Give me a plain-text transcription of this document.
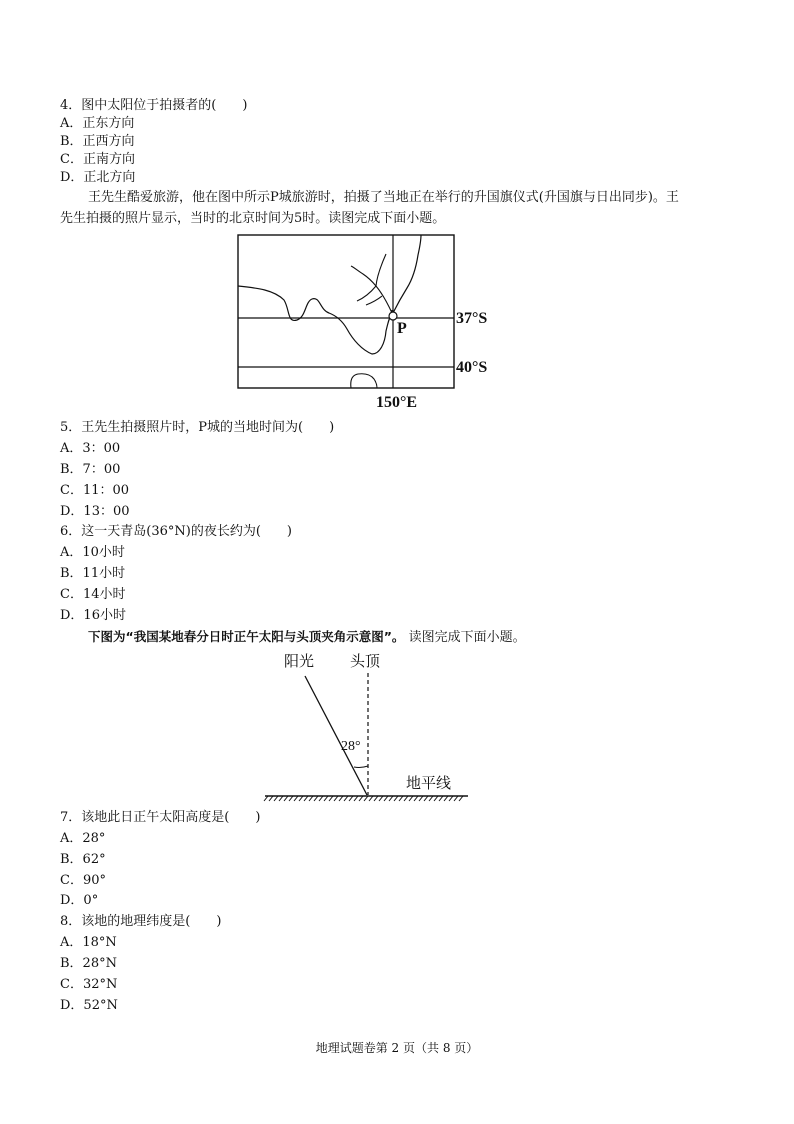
4．图中太阳位于拍摄者的(　　)
A．正东方向
B．正西方向
C．正南方向
D．正北方向
王先生酷爱旅游，他在图中所示P城旅游时，拍摄了当地正在举行的升国旗仪式(升国旗与日出同步)。王先生拍摄的照片显示，当时的北京时间为5时。读图完成下面小题。
P
37°S
40°S
150°E
5．王先生拍摄照片时，P城的当地时间为(　　)
A．3：00
B．7：00
C．11：00
D．13：00
6．这一天青岛(36°N)的夜长约为(　　)
A．10小时
B．11小时
C．14小时
D．16小时
下图为“我国某地春分日时正午太阳与头顶夹角示意图”。 读图完成下面小题。
阳光 头顶
28°
地平线
7．该地此日正午太阳高度是(　　)
A．28°
B．62°
C．90°
D．0°
8．该地的地理纬度是(　　)
A．18°N
B．28°N
C．32°N
D．52°N
地理试题卷第 2 页（共 8 页）
